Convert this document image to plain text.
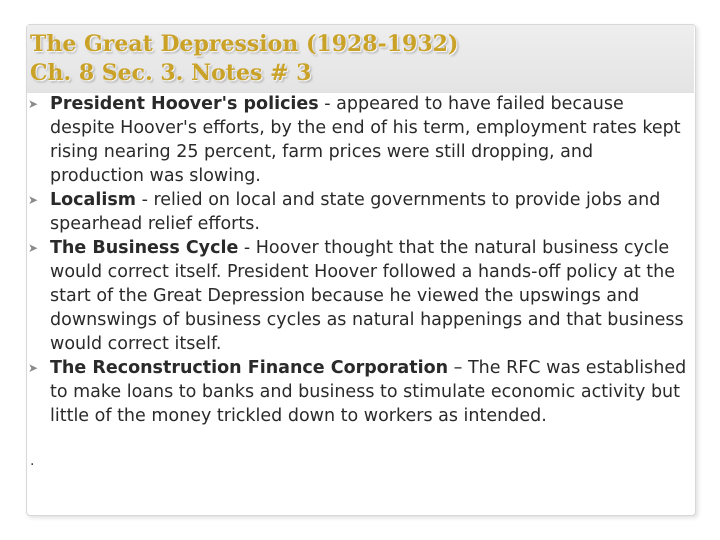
The Great Depression (1928-1932)
Ch. 8 Sec. 3. Notes # 3
➤ President Hoover's policies - appeared to have failed because despite Hoover's efforts, by the end of his term, employment rates kept rising nearing 25 percent, farm prices were still dropping, and production was slowing.
➤ Localism - relied on local and state governments to provide jobs and spearhead relief efforts.
➤ The Business Cycle - Hoover thought that the natural business cycle would correct itself. President Hoover followed a hands-off policy at the start of the Great Depression because he viewed the upswings and downswings of business cycles as natural happenings and that business would correct itself.
➤ The Reconstruction Finance Corporation – The RFC was established to make loans to banks and business to stimulate economic activity but little of the money trickled down to workers as intended.
.
